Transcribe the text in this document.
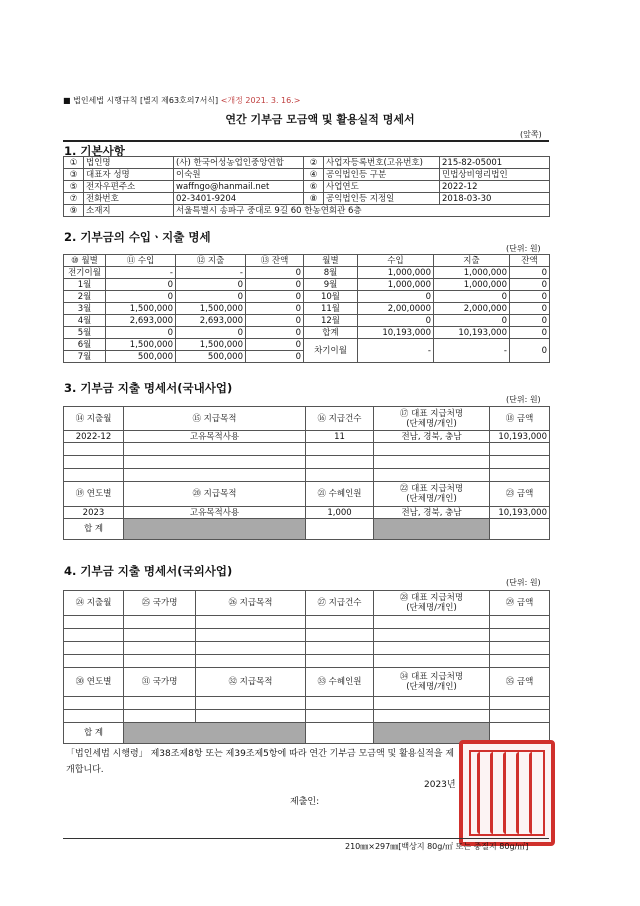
■ 법인세법 시행규칙 [별지 제63호의7서식] <개정 2021. 3. 16.>
연간 기부금 모금액 및 활용실적 명세서
(앞쪽)
1. 기본사항
①	법인명	(사) 한국어성농업인중앙연합	②	사업자등록번호(고유번호)	215-82-05001
③	대표자 성명	이숙원	④	공익법인등 구분	민법상비영리법인
⑤	전자우편주소	waffngo@hanmail.net	⑥	사업연도	2022-12
⑦	전화번호	02-3401-9204	⑧	공익법인등 지정일	2018-03-30
⑨	소재지	서울특별시 송파구 중대로 9길 60 한농연회관 6층			
2. 기부금의 수입ㆍ지출 명세
(단위: 원)
⑩ 월별	⑪ 수입	⑫ 지출	⑬ 잔액	월별	수입	지출	잔액
전기이월	-	-	0	8월	1,000,000	1,000,000	0
1월	0	0	0	9월	1,000,000	1,000,000	0
2월	0	0	0	10월	0	0	0
3월	1,500,000	1,500,000	0	11월	2,00,0000	2,000,000	0
4월	2,693,000	2,693,000	0	12월	0	0	0
5월	0	0	0	합계	10,193,000	10,193,000	0
6월	1,500,000	1,500,000	0	차기이월	-	-	0
7월	500,000	500,000	0				
3. 기부금 지출 명세서(국내사업)
(단위: 원)
⑭ 지출월	⑮ 지급목적	⑯ 지급건수	⑰ 대표 지급처명
(단체명/개인)	⑱ 금액
2022-12	고유목적사용	11	전남, 경북, 충남	10,193,000

⑲ 연도별	⑳ 지급목적	㉑ 수혜인원	㉒ 대표 지급처명
(단체명/개인)	㉓ 금액
2023	고유목적사용	1,000	전남, 경북, 충남	10,193,000
합 계				
4. 기부금 지출 명세서(국외사업)
(단위: 원)
㉔ 지출월	㉕ 국가명	㉖ 지급목적	㉗ 지급건수	㉘ 대표 지급처명
(단체명/개인)	㉙ 금액

㉚ 연도별	㉛ 국가명	㉜ 지급목적	㉝ 수혜인원	㉞ 대표 지급처명
(단체명/개인)	㉟ 금액

합 계					
「법인세법 시행령」 제38조제8항 또는 제39조제5항에 따라 연간 기부금 모금액 및 활용실적을 제
개합니다.
2023년
제출인:
210㎜×297㎜[백상지 80g/㎡ 또는 중질지 80g/㎡]
